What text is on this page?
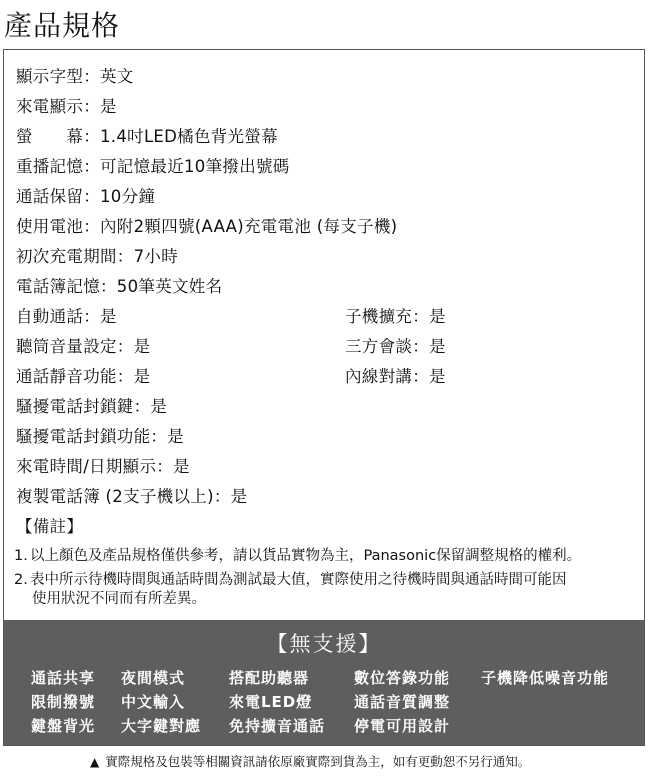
產品規格
顯示字型：英文
來電顯示：是
螢　　幕：1.4吋LED橘色背光螢幕
重播記憶：可記憶最近10筆撥出號碼
通話保留：10分鐘
使用電池：內附2顆四號(AAA)充電電池 (每支子機)
初次充電期間：7小時
電話簿記憶：50筆英文姓名
自動通話：是	子機擴充：是
聽筒音量設定：是	三方會談：是
通話靜音功能：是	內線對講：是
騷擾電話封鎖鍵：是
騷擾電話封鎖功能：是
來電時間/日期顯示：是
複製電話簿 (2支子機以上)：是
【備註】
1. 以上顏色及產品規格僅供參考，請以貨品實物為主，Panasonic保留調整規格的權利。
2. 表中所示待機時間與通話時間為測試最大值，實際使用之待機時間與通話時間可能因
使用狀況不同而有所差異。
【無支援】
通話共享 夜間模式	搭配助聽器	數位答錄功能 子機降低噪音功能
限制撥號 中文輸入	來電LED燈	通話音質調整
鍵盤背光 大字鍵對應 免持擴音通話 停電可用設計
▲ 實際規格及包裝等相關資訊請依原廠實際到貨為主，如有更動恕不另行通知。
